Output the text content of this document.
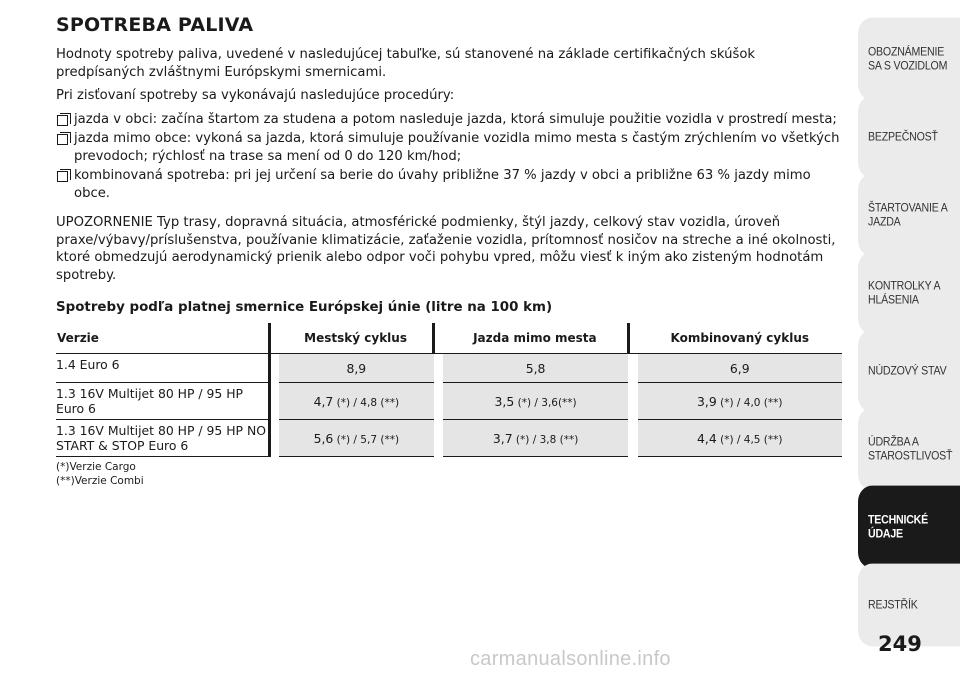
SPOTREBA PALIVA

Hodnoty spotreby paliva, uvedené v nasledujúcej tabuľke, sú stanovené na základe certifikačných skúšok predpísaných zvláštnymi Európskymi smernicami.

Pri zisťovaní spotreby sa vykonávajú nasledujúce procedúry:

jazda v obci: začína štartom za studena a potom nasleduje jazda, ktorá simuluje použitie vozidla v prostredí mesta;
jazda mimo obce: vykoná sa jazda, ktorá simuluje používanie vozidla mimo mesta s častým zrýchlením vo všetkých prevodoch; rýchlosť na trase sa mení od 0 do 120 km/hod;
kombinovaná spotreba: pri jej určení sa berie do úvahy približne 37 % jazdy v obci a približne 63 % jazdy mimo obce.

UPOZORNENIE Typ trasy, dopravná situácia, atmosférické podmienky, štýl jazdy, celkový stav vozidla, úroveň praxe/výbavy/príslušenstva, používanie klimatizácie, zaťaženie vozidla, prítomnosť nosičov na streche a iné okolnosti, ktoré obmedzujú aerodynamický prienik alebo odpor voči pohybu vpred, môžu viesť k iným ako zisteným hodnotám spotreby.

Spotreby podľa platnej smernice Európskej únie (litre na 100 km)
Verzie		Mestský cyklus		Jazda mimo mesta		Kombinovaný cyklus
1.4 Euro 6		8,9		5,8		6,9
1.3 16V Multijet 80 HP / 95 HP Euro 6		4,7 (*) / 4,8 (**)		3,5 (*) / 3,6(**)		3,9 (*) / 4,0 (**)
1.3 16V Multijet 80 HP / 95 HP NO START & STOP Euro 6		5,6 (*) / 5,7 (**)		3,7 (*) / 3,8 (**)		4,4 (*) / 4,5 (**)
(*)Verzie Cargo
(**)Verzie Combi
OBOZNÁMENIE SA S VOZIDLOM
BEZPEČNOSŤ
ŠTARTOVANIE A JAZDA
KONTROLKY A HLÁSENIA
NÚDZOVÝ STAV
ÚDRŽBA A STAROSTLIVOSŤ
TECHNICKÉ ÚDAJE
REJSTŘÍK
249
carmanualsonline.info
